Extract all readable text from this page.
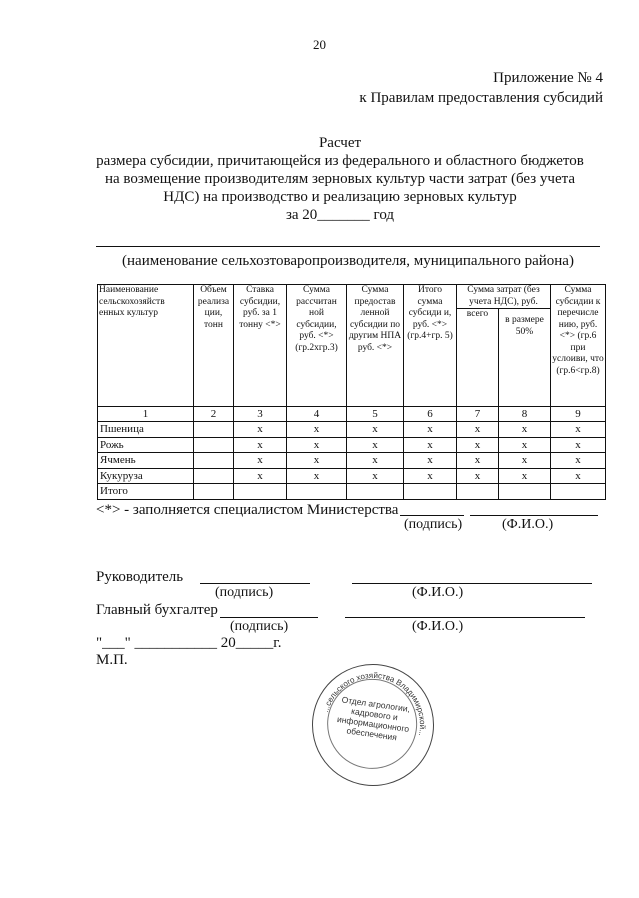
20
Приложение № 4
к Правилам предоставления субсидий
Расчет
размера субсидии, причитающейся из федерального и областного бюджетов
на возмещение производителям зерновых культур части затрат (без учета
НДС) на производство и реализацию зерновых культур
за 20_______ год
(наименование сельхозтоваропроизводителя, муниципального района)
Наименование сельскохозяйств енных культур	Объем реализа ции, тонн	Ставка субсидии, руб. за 1 тонну <*>	Сумма рассчитан ной субсидии, руб. <*> (гр.2хгр.3)	Сумма предостав ленной субсидии по другим НПА руб. <*>	Итого сумма субсиди и, руб. <*> (гр.4+гр. 5)	Сумма затрат (без учета НДС), руб.		Сумма субсидии к перечисле нию, руб. <*> (гр.6 при услоиви, что (гр.6<гр.8)
						всего	в размере 50%	
1	2	3	4	5	6	7	8	9
Пшеница		x	x	x	x	x	x	x
Рожь		x	x	x	x	x	x	x
Ячмень		x	x	x	x	x	x	x
Кукуруза		x	x	x	x	x	x	x
Итого								
<*> - заполняется специалистом Министерства
(подпись)	(Ф.И.О.)
Руководитель
(подпись)	(Ф.И.О.)
Главный бухгалтер
(подпись)	(Ф.И.О.)
"___" ___________ 20_____г.
М.П.
...сельского хозяйства Владимирской...
Отдел агрологии, кадрового и информационного обеспечения
